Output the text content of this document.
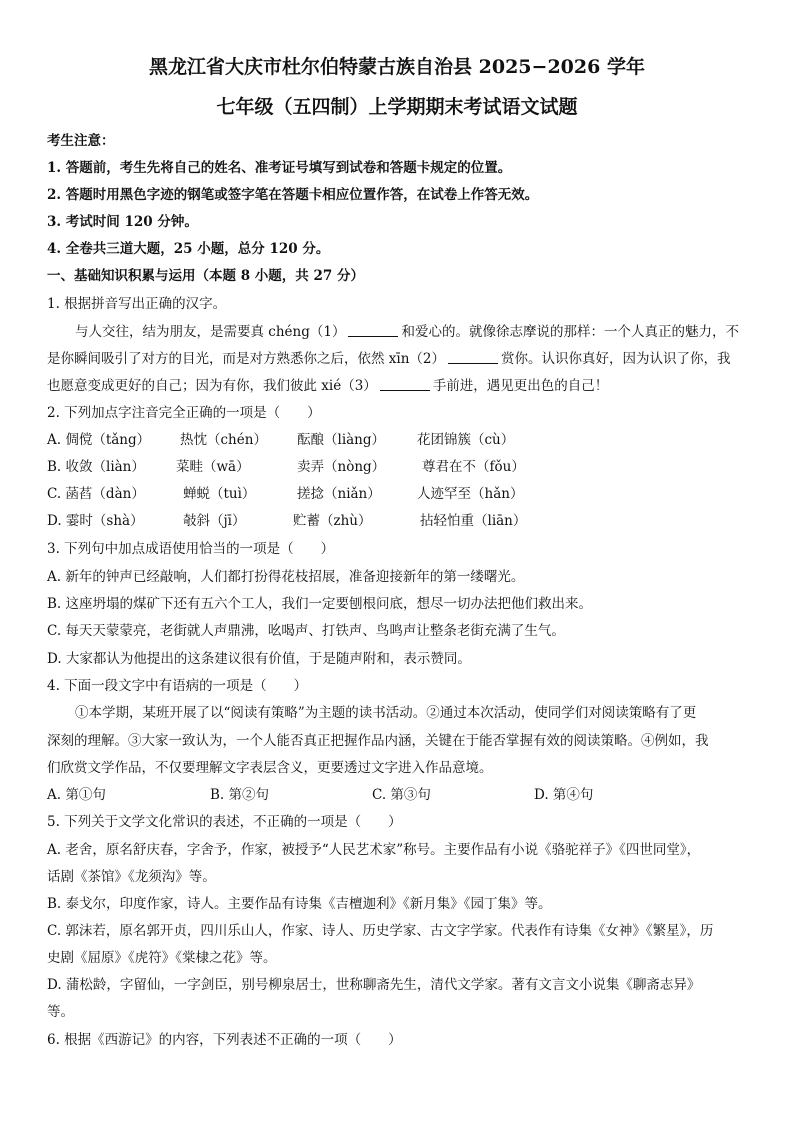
黑龙江省大庆市杜尔伯特蒙古族自治县 2025−2026 学年
七年级（五四制）上学期期末考试语文试题
考生注意：
1. 答题前，考生先将自己的姓名、准考证号填写到试卷和答题卡规定的位置。
2. 答题时用黑色字迹的钢笔或签字笔在答题卡相应位置作答，在试卷上作答无效。
3. 考试时间 120 分钟。
4. 全卷共三道大题，25 小题，总分 120 分。
一、基础知识积累与运用（本题 8 小题，共 27 分）
1. 根据拼音写出正确的汉字。
与人交往，结为朋友，是需要真 chéng（1）	和爱心的。就像徐志摩说的那样：一个人真正的魅力，不
是你瞬间吸引了对方的目光，而是对方熟悉你之后，依然 xīn（2）	赏你。认识你真好，因为认识了你，我
也愿意变成更好的自己；因为有你，我们彼此 xié（3）	手前进，遇见更出色的自己！
2. 下列加点字注音完全正确的一项是（　　）
A. 倜傥（tǎng） 热忱（chén） 酝酿（liàng） 花团锦簇（cù）
B. 收敛（liàn） 菜畦（wā）	卖弄（nòng）	尊君在不（fǒu）
C. 菡萏（dàn）	蝉蜕（tuì）	搓捻（niǎn）	人迹罕至（hǎn）
D. 霎时（shà）	攲斜（jī）	贮蓄（zhù）	拈轻怕重（liān）
3. 下列句中加点成语使用恰当的一项是（　　）
A. 新年的钟声已经敲响，人们都打扮得花枝招展，准备迎接新年的第一缕曙光。
B. 这座坍塌的煤矿下还有五六个工人，我们一定要刨根问底，想尽一切办法把他们救出来。
C. 每天天蒙蒙亮，老街就人声鼎沸，吆喝声、打铁声、鸟鸣声让整条老街充满了生气。
D. 大家都认为他提出的这条建议很有价值，于是随声附和，表示赞同。
4. 下面一段文字中有语病的一项是（　　）
①本学期，某班开展了以“阅读有策略”为主题的读书活动。②通过本次活动，使同学们对阅读策略有了更
深刻的理解。③大家一致认为，一个人能否真正把握作品内涵，关键在于能否掌握有效的阅读策略。④例如，我
们欣赏文学作品，不仅要理解文字表层含义，更要透过文字进入作品意境。
A. 第①句	B. 第②句	C. 第③句	D. 第④句
5. 下列关于文学文化常识的表述，不正确的一项是（　　）
A. 老舍，原名舒庆春，字舍予，作家，被授予“人民艺术家”称号。主要作品有小说《骆驼祥子》《四世同堂》，
话剧《茶馆》《龙须沟》等。
B. 泰戈尔，印度作家，诗人。主要作品有诗集《吉檀迦利》《新月集》《园丁集》等。
C. 郭沫若，原名郭开贞，四川乐山人，作家、诗人、历史学家、古文字学家。代表作有诗集《女神》《繁星》，历
史剧《屈原》《虎符》《棠棣之花》等。
D. 蒲松龄，字留仙，一字剑臣，别号柳泉居士，世称聊斋先生，清代文学家。著有文言文小说集《聊斋志异》
等。
6. 根据《西游记》的内容，下列表述不正确的一项（　　）
